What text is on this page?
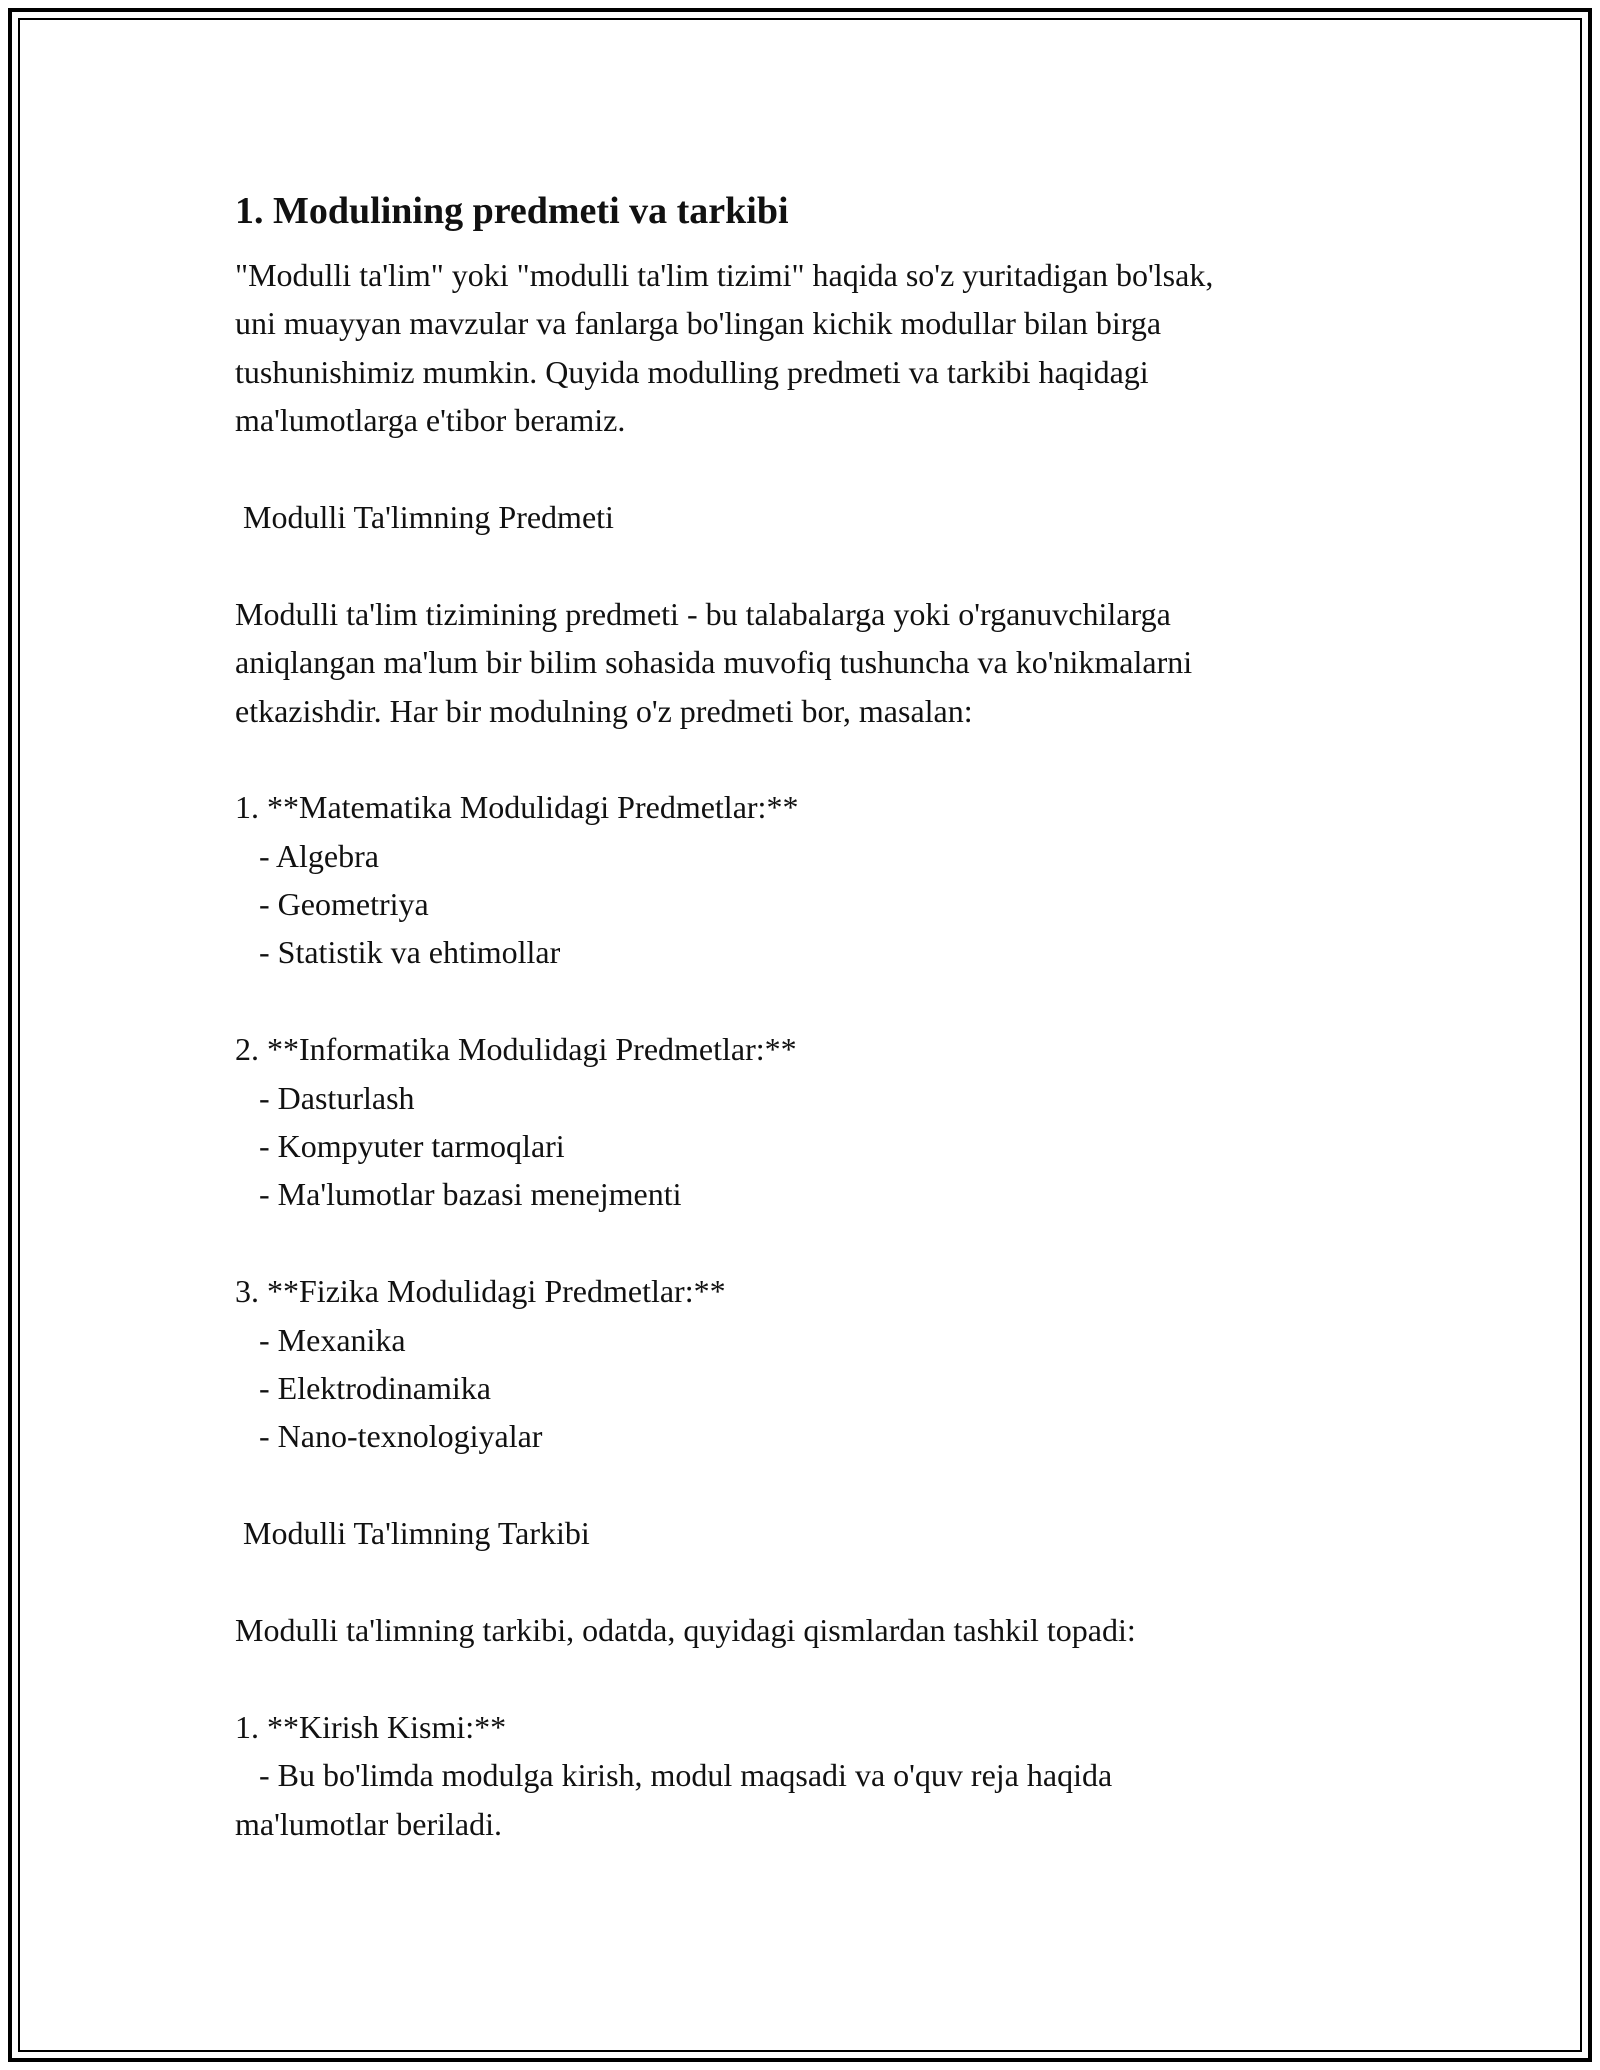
1. Modulining predmeti va tarkibi
"Modulli ta'lim" yoki "modulli ta'lim tizimi" haqida so'z yuritadigan bo'lsak,
uni muayyan mavzular va fanlarga bo'lingan kichik modullar bilan birga
tushunishimiz mumkin. Quyida modulling predmeti va tarkibi haqidagi
ma'lumotlarga e'tibor beramiz.
Modulli Ta'limning Predmeti
Modulli ta'lim tizimining predmeti - bu talabalarga yoki o'rganuvchilarga
aniqlangan ma'lum bir bilim sohasida muvofiq tushuncha va ko'nikmalarni
etkazishdir. Har bir modulning o'z predmeti bor, masalan:
1. **Matematika Modulidagi Predmetlar:**
- Algebra
- Geometriya
- Statistik va ehtimollar
2. **Informatika Modulidagi Predmetlar:**
- Dasturlash
- Kompyuter tarmoqlari
- Ma'lumotlar bazasi menejmenti
3. **Fizika Modulidagi Predmetlar:**
- Mexanika
- Elektrodinamika
- Nano-texnologiyalar
Modulli Ta'limning Tarkibi
Modulli ta'limning tarkibi, odatda, quyidagi qismlardan tashkil topadi:
1. **Kirish Kismi:**
- Bu bo'limda modulga kirish, modul maqsadi va o'quv reja haqida
ma'lumotlar beriladi.
